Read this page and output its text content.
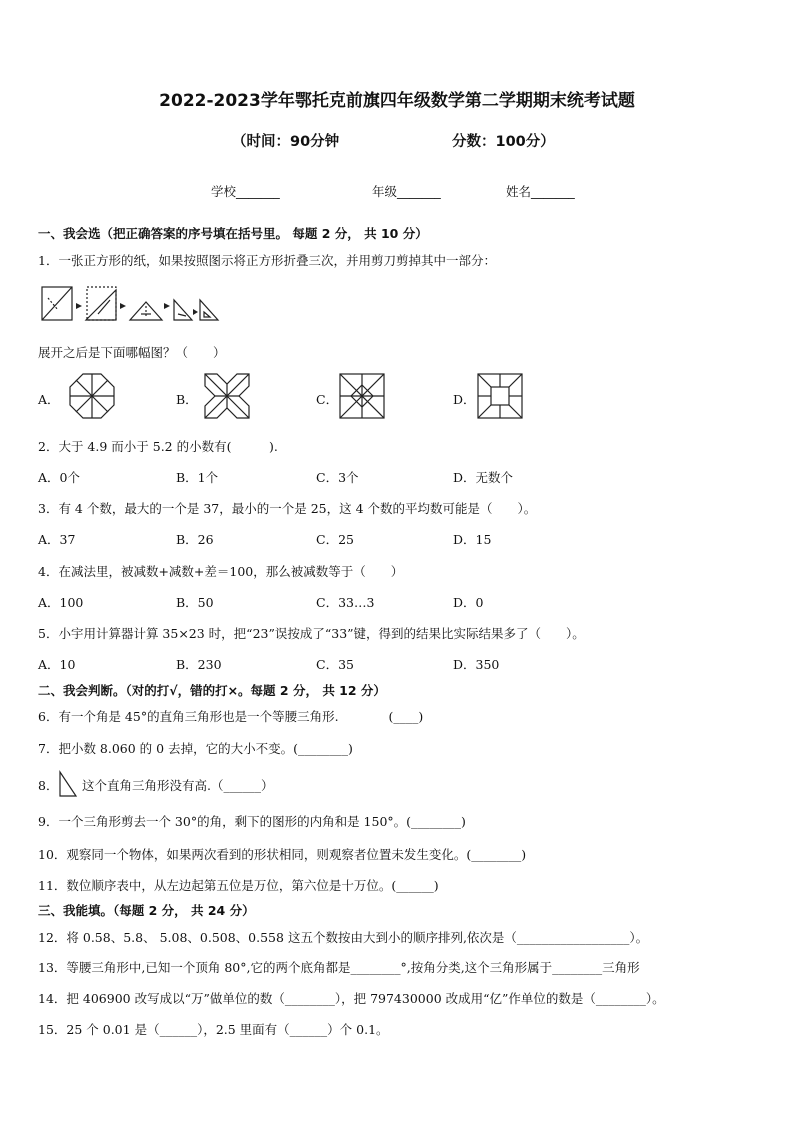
2022-2023学年鄂托克前旗四年级数学第二学期期末统考试题
（时间：90分钟	分数：100分）
学校_______	年级_______	姓名_______
一、我会选（把正确答案的序号填在括号里。 每题 2 分， 共 10 分）
1．一张正方形的纸，如果按照图示将正方形折叠三次，并用剪刀剪掉其中一部分：
展开之后是下面哪幅图？（　　）
A．	B．	C．	D．
2．大于 4.9 而小于 5.2 的小数有(　　　).
A．0个	B．1个	C．3个	D．无数个
3．有 4 个数，最大的一个是 37，最小的一个是 25，这 4 个数的平均数可能是（　　）。
A．37	B．26	C．25	D．15
4．在减法里，被减数+减数+差＝100，那么被减数等于（　　）
A．100	B．50	C．33…3	D．0
5．小宇用计算器计算 35×23 时，把“23”误按成了“33”键，得到的结果比实际结果多了（　　）。
A．10	B．230	C．35	D．350
二、我会判断。（对的打√，错的打×。每题 2 分， 共 12 分）
6．有一个角是 45°的直角三角形也是一个等腰三角形.　　　　(____)
7．把小数 8.060 的 0 去掉，它的大小不变。(________)
8． 这个直角三角形没有高.（______）
9．一个三角形剪去一个 30°的角，剩下的图形的内角和是 150°。(________)
10．观察同一个物体，如果两次看到的形状相同，则观察者位置未发生变化。(________)
11．数位顺序表中，从左边起第五位是万位，第六位是十万位。(______)
三、我能填。（每题 2 分， 共 24 分）
12．将 0.58、5.8、 5.08、0.508、0.558 这五个数按由大到小的顺序排列,依次是（__________________）。
13．等腰三角形中,已知一个顶角 80°,它的两个底角都是________°,按角分类,这个三角形属于________三角形
14．把 406900 改写成以“万”做单位的数（________），把 797430000 改成用“亿”作单位的数是（________）。
15．25 个 0.01 是（______），2.5 里面有（______）个 0.1。
